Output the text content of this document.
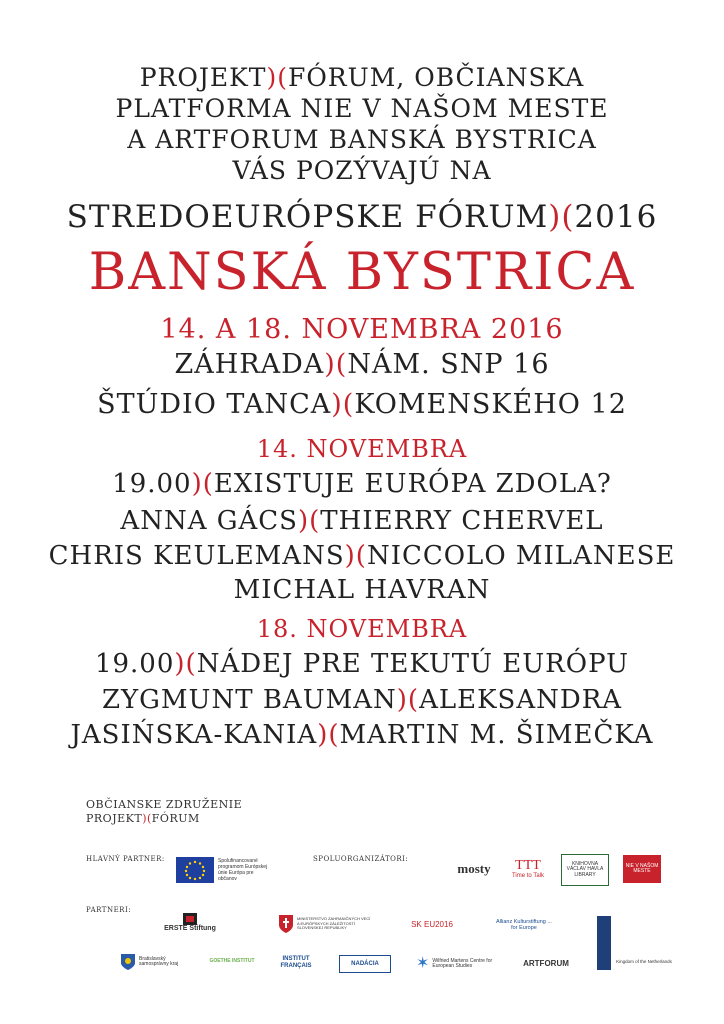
PROJEKT)(FÓRUM, OBČIANSKA
PLATFORMA NIE V NAŠOM MESTE
A ARTFORUM BANSKÁ BYSTRICA
VÁS POZÝVAJÚ NA
STREDOEURÓPSKE FÓRUM)(2016
BANSKÁ BYSTRICA
14. A 18. NOVEMBRA 2016
ZÁHRADA)(NÁM. SNP 16
ŠTÚDIO TANCA)(KOMENSKÉHO 12
14. NOVEMBRA
19.00)(EXISTUJE EURÓPA ZDOLA?
ANNA GÁCS)(THIERRY CHERVEL
CHRIS KEULEMANS)(NICCOLO MILANESE
MICHAL HAVRAN
18. NOVEMBRA
19.00)(NÁDEJ PRE TEKUTÚ EURÓPU
ZYGMUNT BAUMAN)(ALEKSANDRA
JASIŃSKA-KANIA)(MARTIN M. ŠIMEČKA
OBČIANSKE ZDRUŽENIE
PROJEKT)(FÓRUM
HLAVNÝ PARTNER:	SPOLUORGANIZÁTORI:
PARTNERI:
Spolufinancované programom Európskej únie Európa pre občanov
mosty	TTT
Time to Talk
KNIHOVNA VÁCLAV HAVLA LIBRARY
NIE V NAŠOM MESTE
ERSTE Stiftung
MINISTERSTVO ZAHRANIČNÝCH VECÍ A EURÓPSKYCH ZÁLEŽITOSTÍ SLOVENSKEJ REPUBLIKY	SK EU2016	Allianz Kulturstiftung ... for Europe
Kingdom of the Netherlands
Bratislavský samosprávny kraj	GOETHE INSTITUT	INSTITUT FRANÇAIS	NADÁCIA	✶ Wilfried Martens Centre for European Studies	ARTFORUM
